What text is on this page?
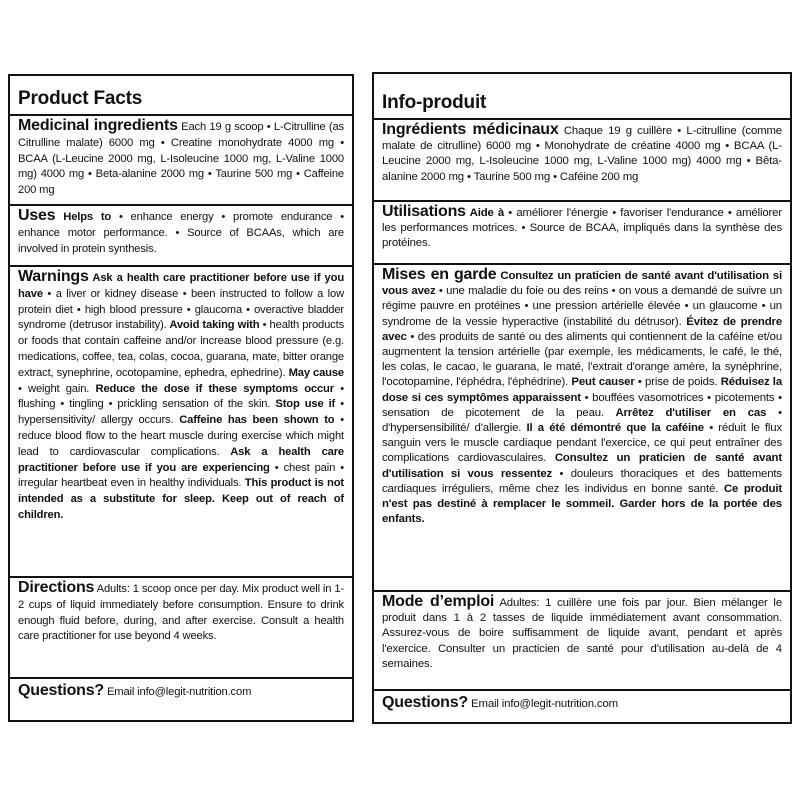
Product Facts
Medicinal ingredients Each 19 g scoop • L-Citrulline (as Citrulline malate) 6000 mg • Creatine monohydrate 4000 mg • BCAA (L-Leucine 2000 mg, L-Isoleucine 1000 mg, L-Valine 1000 mg) 4000 mg • Beta-alanine 2000 mg • Taurine 500 mg • Caffeine 200 mg
Uses Helps to • enhance energy • promote endurance • enhance motor performance. • Source of BCAAs, which are involved in protein synthesis.
Warnings Ask a health care practitioner before use if you have • a liver or kidney disease • been instructed to follow a low protein diet • high blood pressure • glaucoma • overactive bladder syndrome (detrusor instability). Avoid taking with • health products or foods that contain caffeine and/or increase blood pressure (e.g. medications, coffee, tea, colas, cocoa, guarana, mate, bitter orange extract, synephrine, ocotopamine, ephedra, ephedrine). May cause • weight gain. Reduce the dose if these symptoms occur • flushing • tingling • prickling sensation of the skin. Stop use if • hypersensitivity/ allergy occurs. Caffeine has been shown to • reduce blood flow to the heart muscle during exercise which might lead to cardiovascular complications. Ask a health care practitioner before use if you are experiencing • chest pain • irregular heartbeat even in healthy individuals. This product is not intended as a substitute for sleep. Keep out of reach of children.
Directions Adults: 1 scoop once per day. Mix product well in 1-2 cups of liquid immediately before consumption. Ensure to drink enough fluid before, during, and after exercise. Consult a health care practitioner for use beyond 4 weeks.
Questions? Email info@legit-nutrition.com
Info-produit
Ingrédients médicinaux Chaque 19 g cuillère • L-citrulline (comme malate de citrulline) 6000 mg • Monohydrate de créatine 4000 mg • BCAA (L-Leucine 2000 mg, L-Isoleucine 1000 mg, L-Valine 1000 mg) 4000 mg • Bêta-alanine 2000 mg • Taurine 500 mg • Caféine 200 mg
Utilisations Aide à • améliorer l'énergie • favoriser l'endurance • améliorer les performances motrices. • Source de BCAA, impliqués dans la synthèse des protéines.
Mises en garde Consultez un praticien de santé avant d'utilisation si vous avez • une maladie du foie ou des reins • on vous a demandé de suivre un régime pauvre en protéines • une pression artérielle élevée • un glaucome • un syndrome de la vessie hyperactive (instabilité du détrusor). Évitez de prendre avec • des produits de santé ou des aliments qui contiennent de la caféine et/ou augmentent la tension artérielle (par exemple, les médicaments, le café, le thé, les colas, le cacao, le guarana, le maté, l'extrait d'orange amère, la synéphrine, l'ocotopamine, l'éphédra, l'éphédrine). Peut causer • prise de poids. Réduisez la dose si ces symptômes apparaissent • bouffées vasomotrices • picotements • sensation de picotement de la peau. Arrêtez d'utiliser en cas • d'hypersensibilité/ d'allergie. Il a été démontré que la caféine • réduit le flux sanguin vers le muscle cardiaque pendant l'exercice, ce qui peut entraîner des complications cardiovasculaires. Consultez un praticien de santé avant d'utilisation si vous ressentez • douleurs thoraciques et des battements cardiaques irréguliers, même chez les individus en bonne santé. Ce produit n'est pas destiné à remplacer le sommeil. Garder hors de la portée des enfants.
Mode d’emploi Adultes: 1 cuillère une fois par jour. Bien mélanger le produit dans 1 à 2 tasses de liquide immédiatement avant consommation. Assurez-vous de boire suffisamment de liquide avant, pendant et après l'exercice. Consulter un practicien de santé pour d'utilisation au-delà de 4 semaines.
Questions? Email info@legit-nutrition.com
